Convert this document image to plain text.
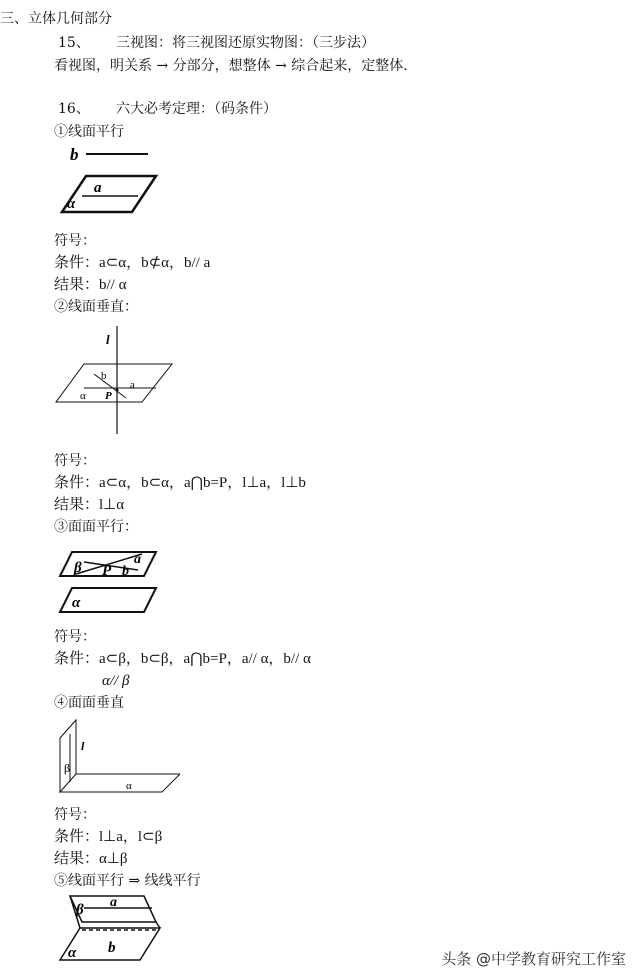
三、立体几何部分
15、 三视图：将三视图还原实物图：（三步法）
看视图，明关系 → 分部分，想整体 → 综合起来，定整体.
16、 六大必考定理：（码条件）
①线面平行
b
a
α
符号：
条件：a⊂α，b⊄α，b// a
结果：b// α
②线面垂直：
l
b
a
α P
符号：
条件：a⊂α，b⊂α，a⋂b=P，l⊥a，l⊥b
结果：l⊥α
③面面平行：
β P b
a
α
符号：
条件：a⊂β，b⊂β，a⋂b=P，a// α，b// α
α// β
④面面垂直
l
β
α
符号：
条件：l⊥a，l⊂β
结果：α⊥β
⑤线面平行 ⇒ 线线平行
β a
α b
头条 @中学教育研究工作室
